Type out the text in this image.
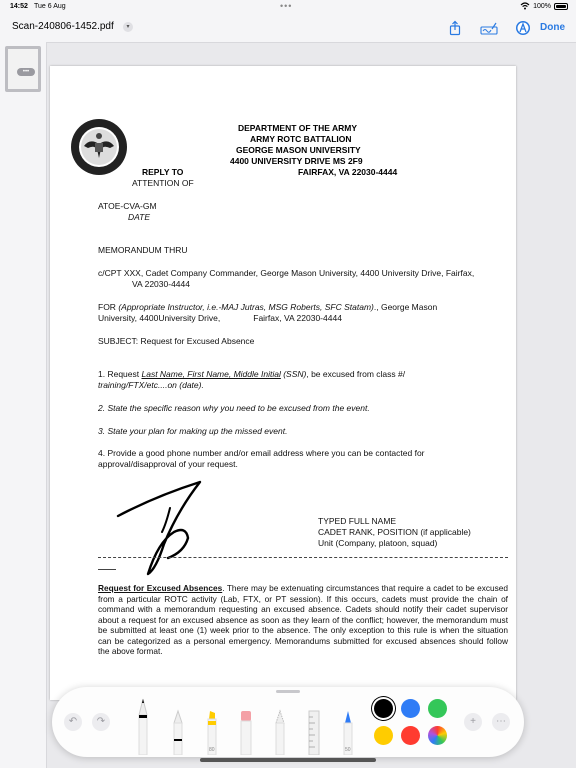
14:52 Tue 6 Aug	•••	100%
Scan-240806-1452.pdf	▾	Done
•••
DEPARTMENT OF THE ARMY
ARMY ROTC BATTALION
GEORGE MASON UNIVERSITY
4400 UNIVERSITY DRIVE MS 2F9
FAIRFAX, VA 22030-4444
REPLY TO
ATTENTION OF
ATOE-CVA-GM
DATE
MEMORANDUM THRU
c/CPT XXX, Cadet Company Commander, George Mason University, 4400 University Drive, Fairfax,
VA 22030-4444
FOR (Appropriate Instructor, i.e.-MAJ Jutras, MSG Roberts, SFC Statam)., George Mason
University, 4400University Drive,              Fairfax, VA 22030-4444
SUBJECT: Request for Excused Absence
1. Request Last Name, First Name, Middle Initial (SSN), be excused from class #/
training/FTX/etc....on (date).
2. State the specific reason why you need to be excused from the event.
3. State your plan for making up the missed event.
4. Provide a good phone number and/or email address where you can be contacted for
approval/disapproval of your request.
TYPED FULL NAME
CADET RANK, POSITION (if applicable)
Unit (Company, platoon, squad)
Request for Excused Absences. There may be extenuating circumstances that require a cadet to be excused from a particular ROTC activity (Lab, FTX, or PT session). If this occurs, cadets must provide the chain of command with a memorandum requesting an excused absence. Cadets should notify their cadet supervisor about a request for an excused absence as soon as they learn of the conflict; however, the memorandum must be submitted at least one (1) week prior to the absence. The only exception to this rule is when the situation can be categorized as a personal emergency. Memorandums submitted for excused absences should follow the above format.
↶	↷
80	50
+	⋯
